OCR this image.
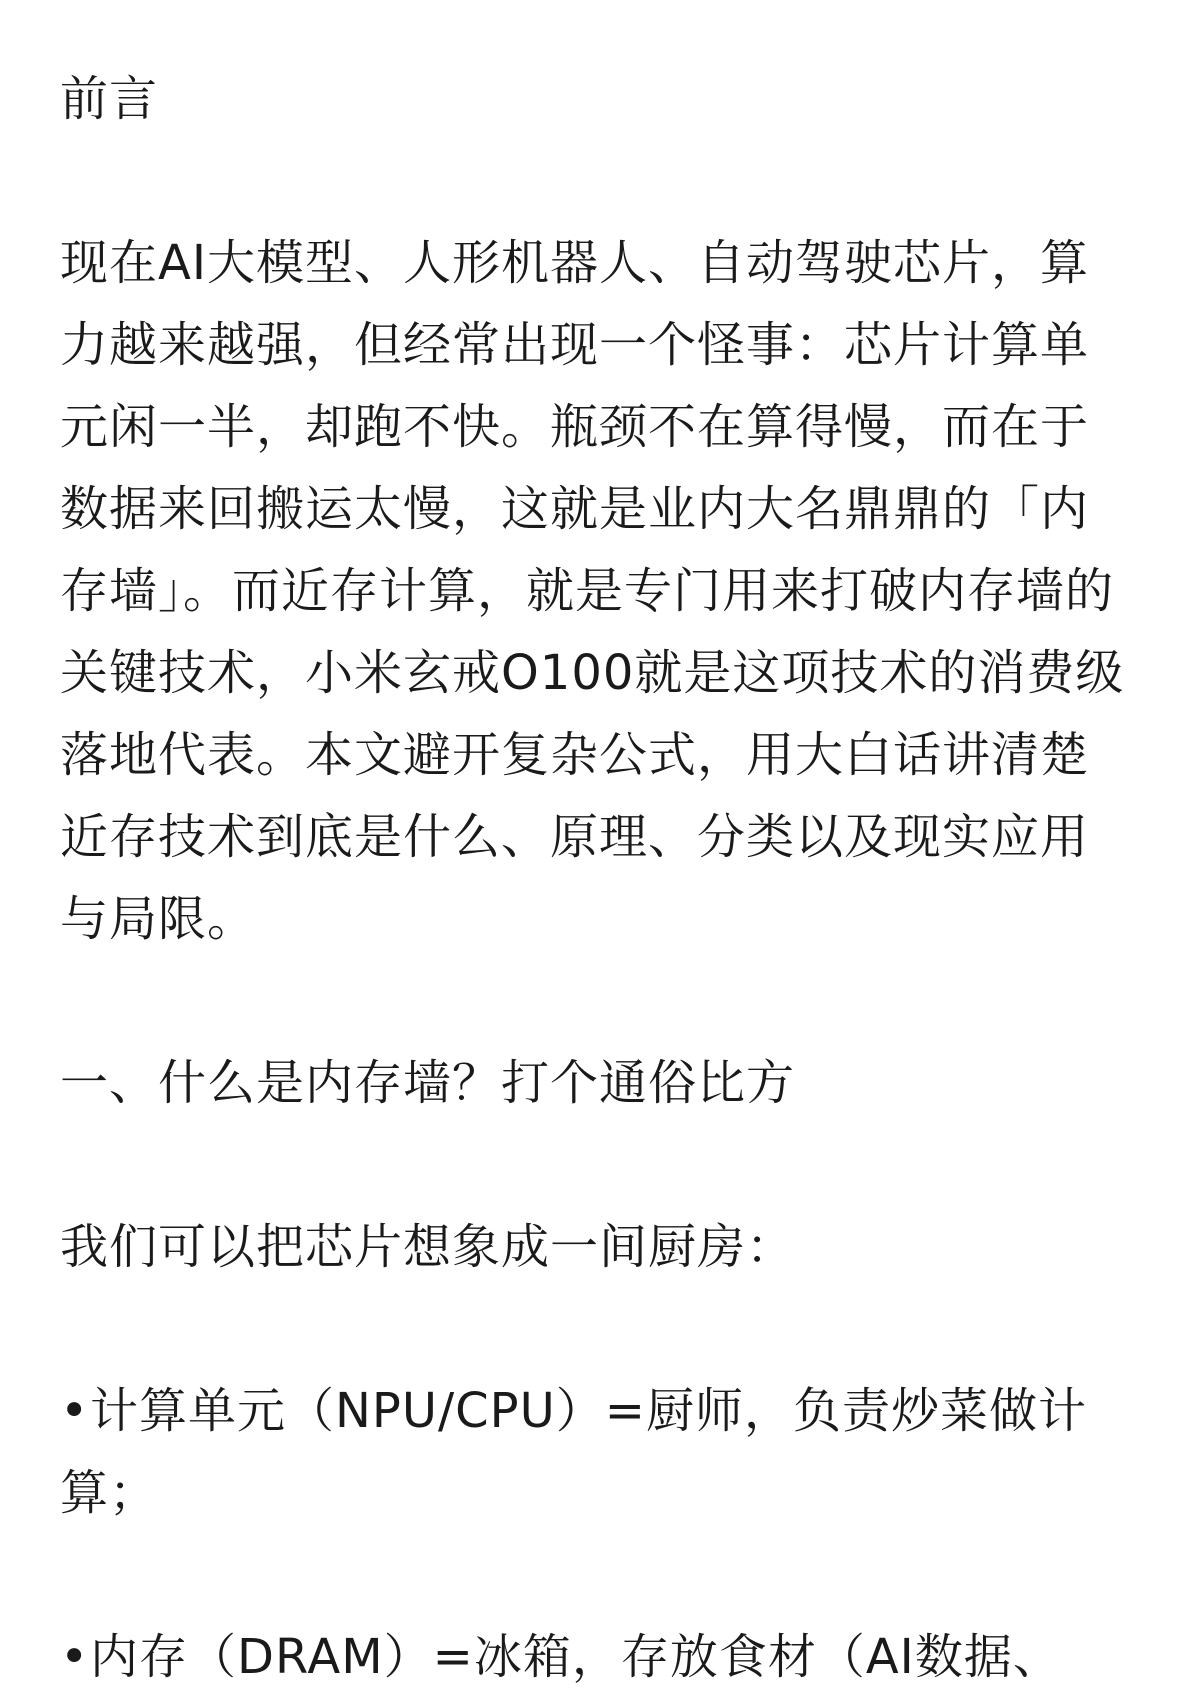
前言

现在AI大模型、人形机器人、自动驾驶芯片，算力越来越强，但经常出现一个怪事：芯片计算单元闲一半，却跑不快。瓶颈不在算得慢，而在于数据来回搬运太慢，这就是业内大名鼎鼎的「内存墙」。而近存计算，就是专门用来打破内存墙的关键技术，小米玄戒O100就是这项技术的消费级落地代表。本文避开复杂公式，用大白话讲清楚近存技术到底是什么、原理、分类以及现实应用与局限。

一、什么是内存墙？打个通俗比方

我们可以把芯片想象成一间厨房：

•计算单元（NPU/CPU）=厨师，负责炒菜做计算；
•内存（DRAM）=冰箱，存放食材（AI数据、
